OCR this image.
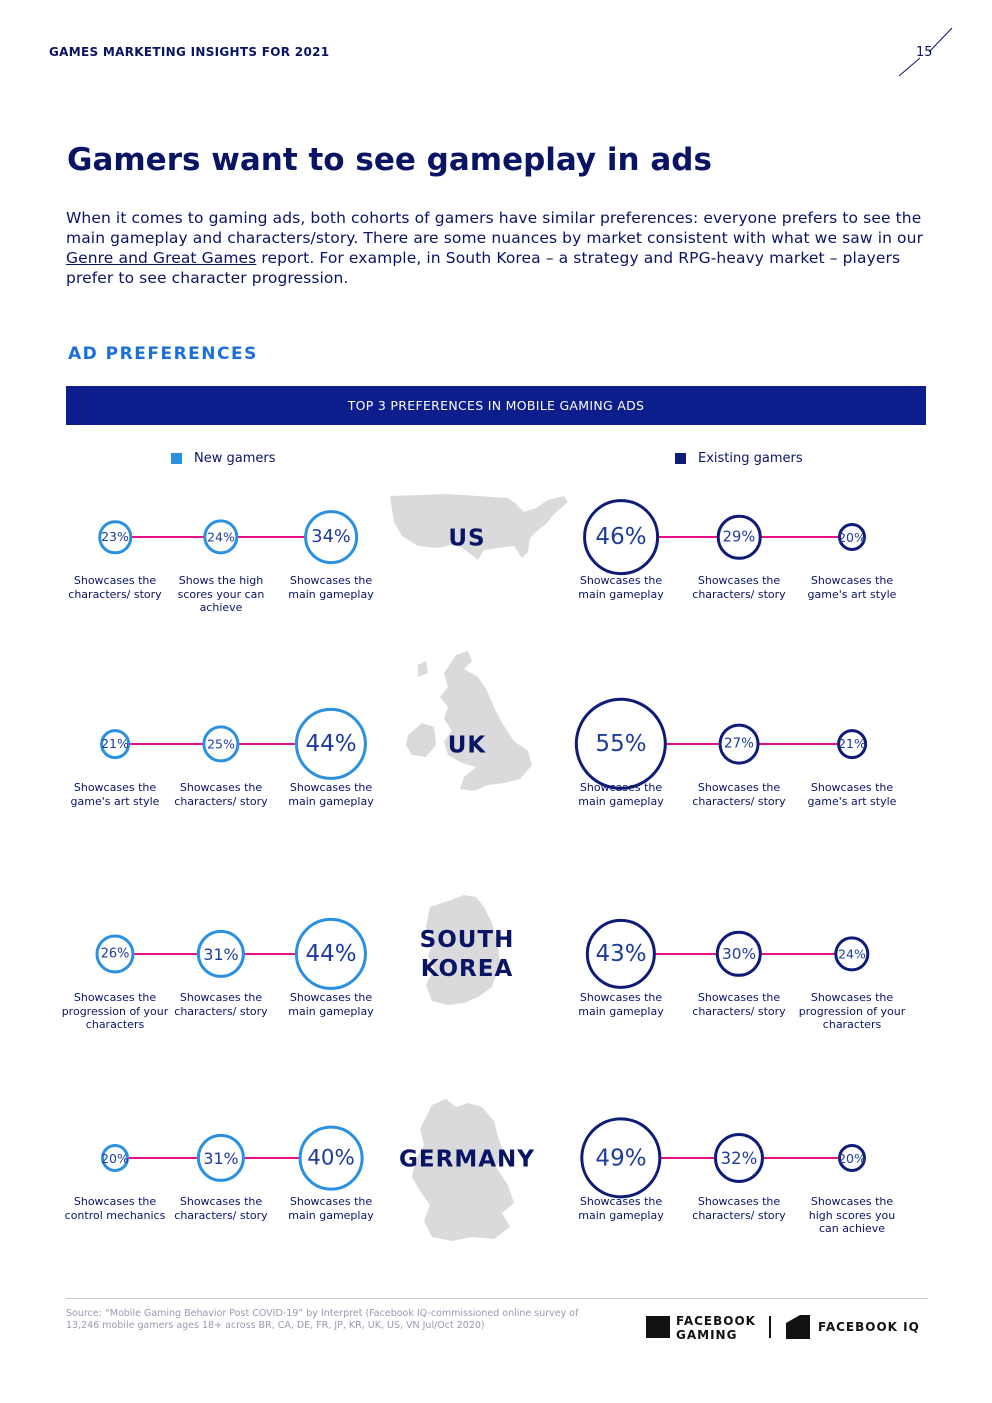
GAMES MARKETING INSIGHTS FOR 2021	15
Gamers want to see gameplay in ads

When it comes to gaming ads, both cohorts of gamers have similar preferences: everyone prefers to see the main gameplay and characters/story. There are some nuances by market consistent with what we saw in our Genre and Great Games report. For example, in South Korea – a strategy and RPG-heavy market – players prefer to see character progression.

AD PREFERENCES
TOP 3 PREFERENCES IN MOBILE GAMING ADS
New gamers	Existing gamers
23%
Showcases the characters/ story
24%
Shows the high scores your can achieve
34%
Showcases the main gameplay
46%
Showcases the main gameplay
29%
Showcases the characters/ story
20%
Showcases the game's art style
US
21%
Showcases the game's art style
25%
Showcases the characters/ story
44%
Showcases the main gameplay
55%
Showcases the main gameplay
27%
Showcases the characters/ story
21%
Showcases the game's art style
UK
26%
Showcases the progression of your characters
31%
Showcases the characters/ story
44%
Showcases the main gameplay
43%
Showcases the main gameplay
30%
Showcases the characters/ story
24%
Showcases the progression of your characters
SOUTH KOREA
20%
Showcases the control mechanics
31%
Showcases the characters/ story
40%
Showcases the main gameplay
49%
Showcases the main gameplay
32%
Showcases the characters/ story
20%
Showcases the high scores you can achieve
GERMANY
Source: “Mobile Gaming Behavior Post COVID-19” by Interpret (Facebook IQ-commissioned online survey of 13,246 mobile gamers ages 18+ across BR, CA, DE, FR, JP, KR, UK, US, VN Jul/Oct 2020)	FACEBOOK
GAMING
FACEBOOK IQ
